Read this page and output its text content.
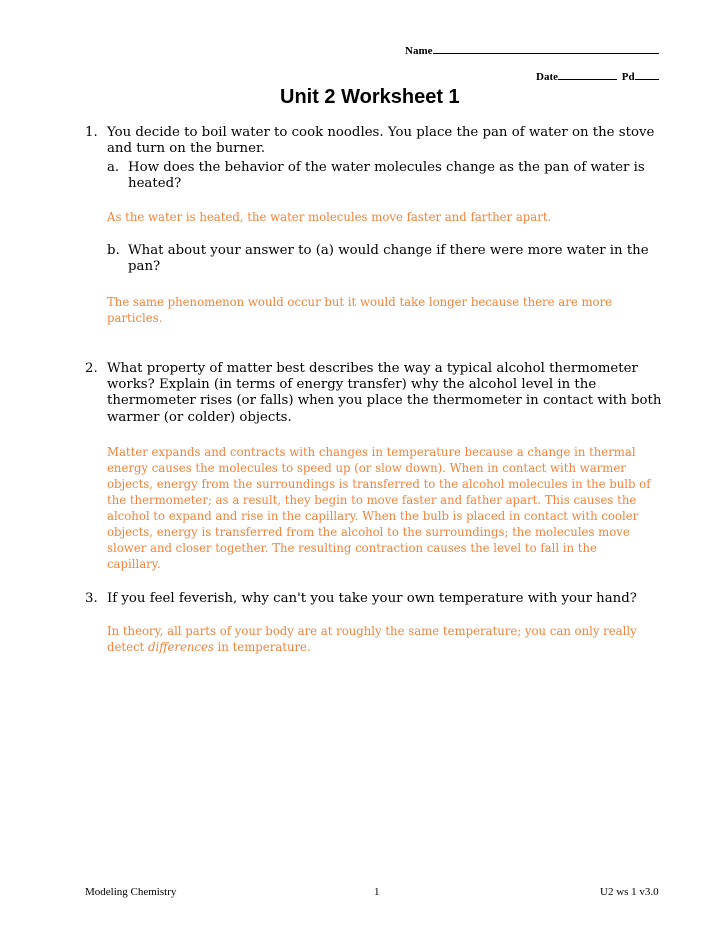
Name
Date	Pd
Unit 2 Worksheet 1
1. You decide to boil water to cook noodles. You place the pan of water on the stove
and turn on the burner.
a. How does the behavior of the water molecules change as the pan of water is
heated?
As the water is heated, the water molecules move faster and farther apart.
b. What about your answer to (a) would change if there were more water in the
pan?
The same phenomenon would occur but it would take longer because there are more
particles.
2. What property of matter best describes the way a typical alcohol thermometer
works? Explain (in terms of energy transfer) why the alcohol level in the
thermometer rises (or falls) when you place the thermometer in contact with both
warmer (or colder) objects.
Matter expands and contracts with changes in temperature because a change in thermal
energy causes the molecules to speed up (or slow down). When in contact with warmer
objects, energy from the surroundings is transferred to the alcohol molecules in the bulb of
the thermometer; as a result, they begin to move faster and father apart. This causes the
alcohol to expand and rise in the capillary. When the bulb is placed in contact with cooler
objects, energy is transferred from the alcohol to the surroundings; the molecules move
slower and closer together. The resulting contraction causes the level to fall in the
capillary.
3. If you feel feverish, why can't you take your own temperature with your hand?
In theory, all parts of your body are at roughly the same temperature; you can only really
detect differences in temperature.
Modeling Chemistry	1	U2 ws 1 v3.0
